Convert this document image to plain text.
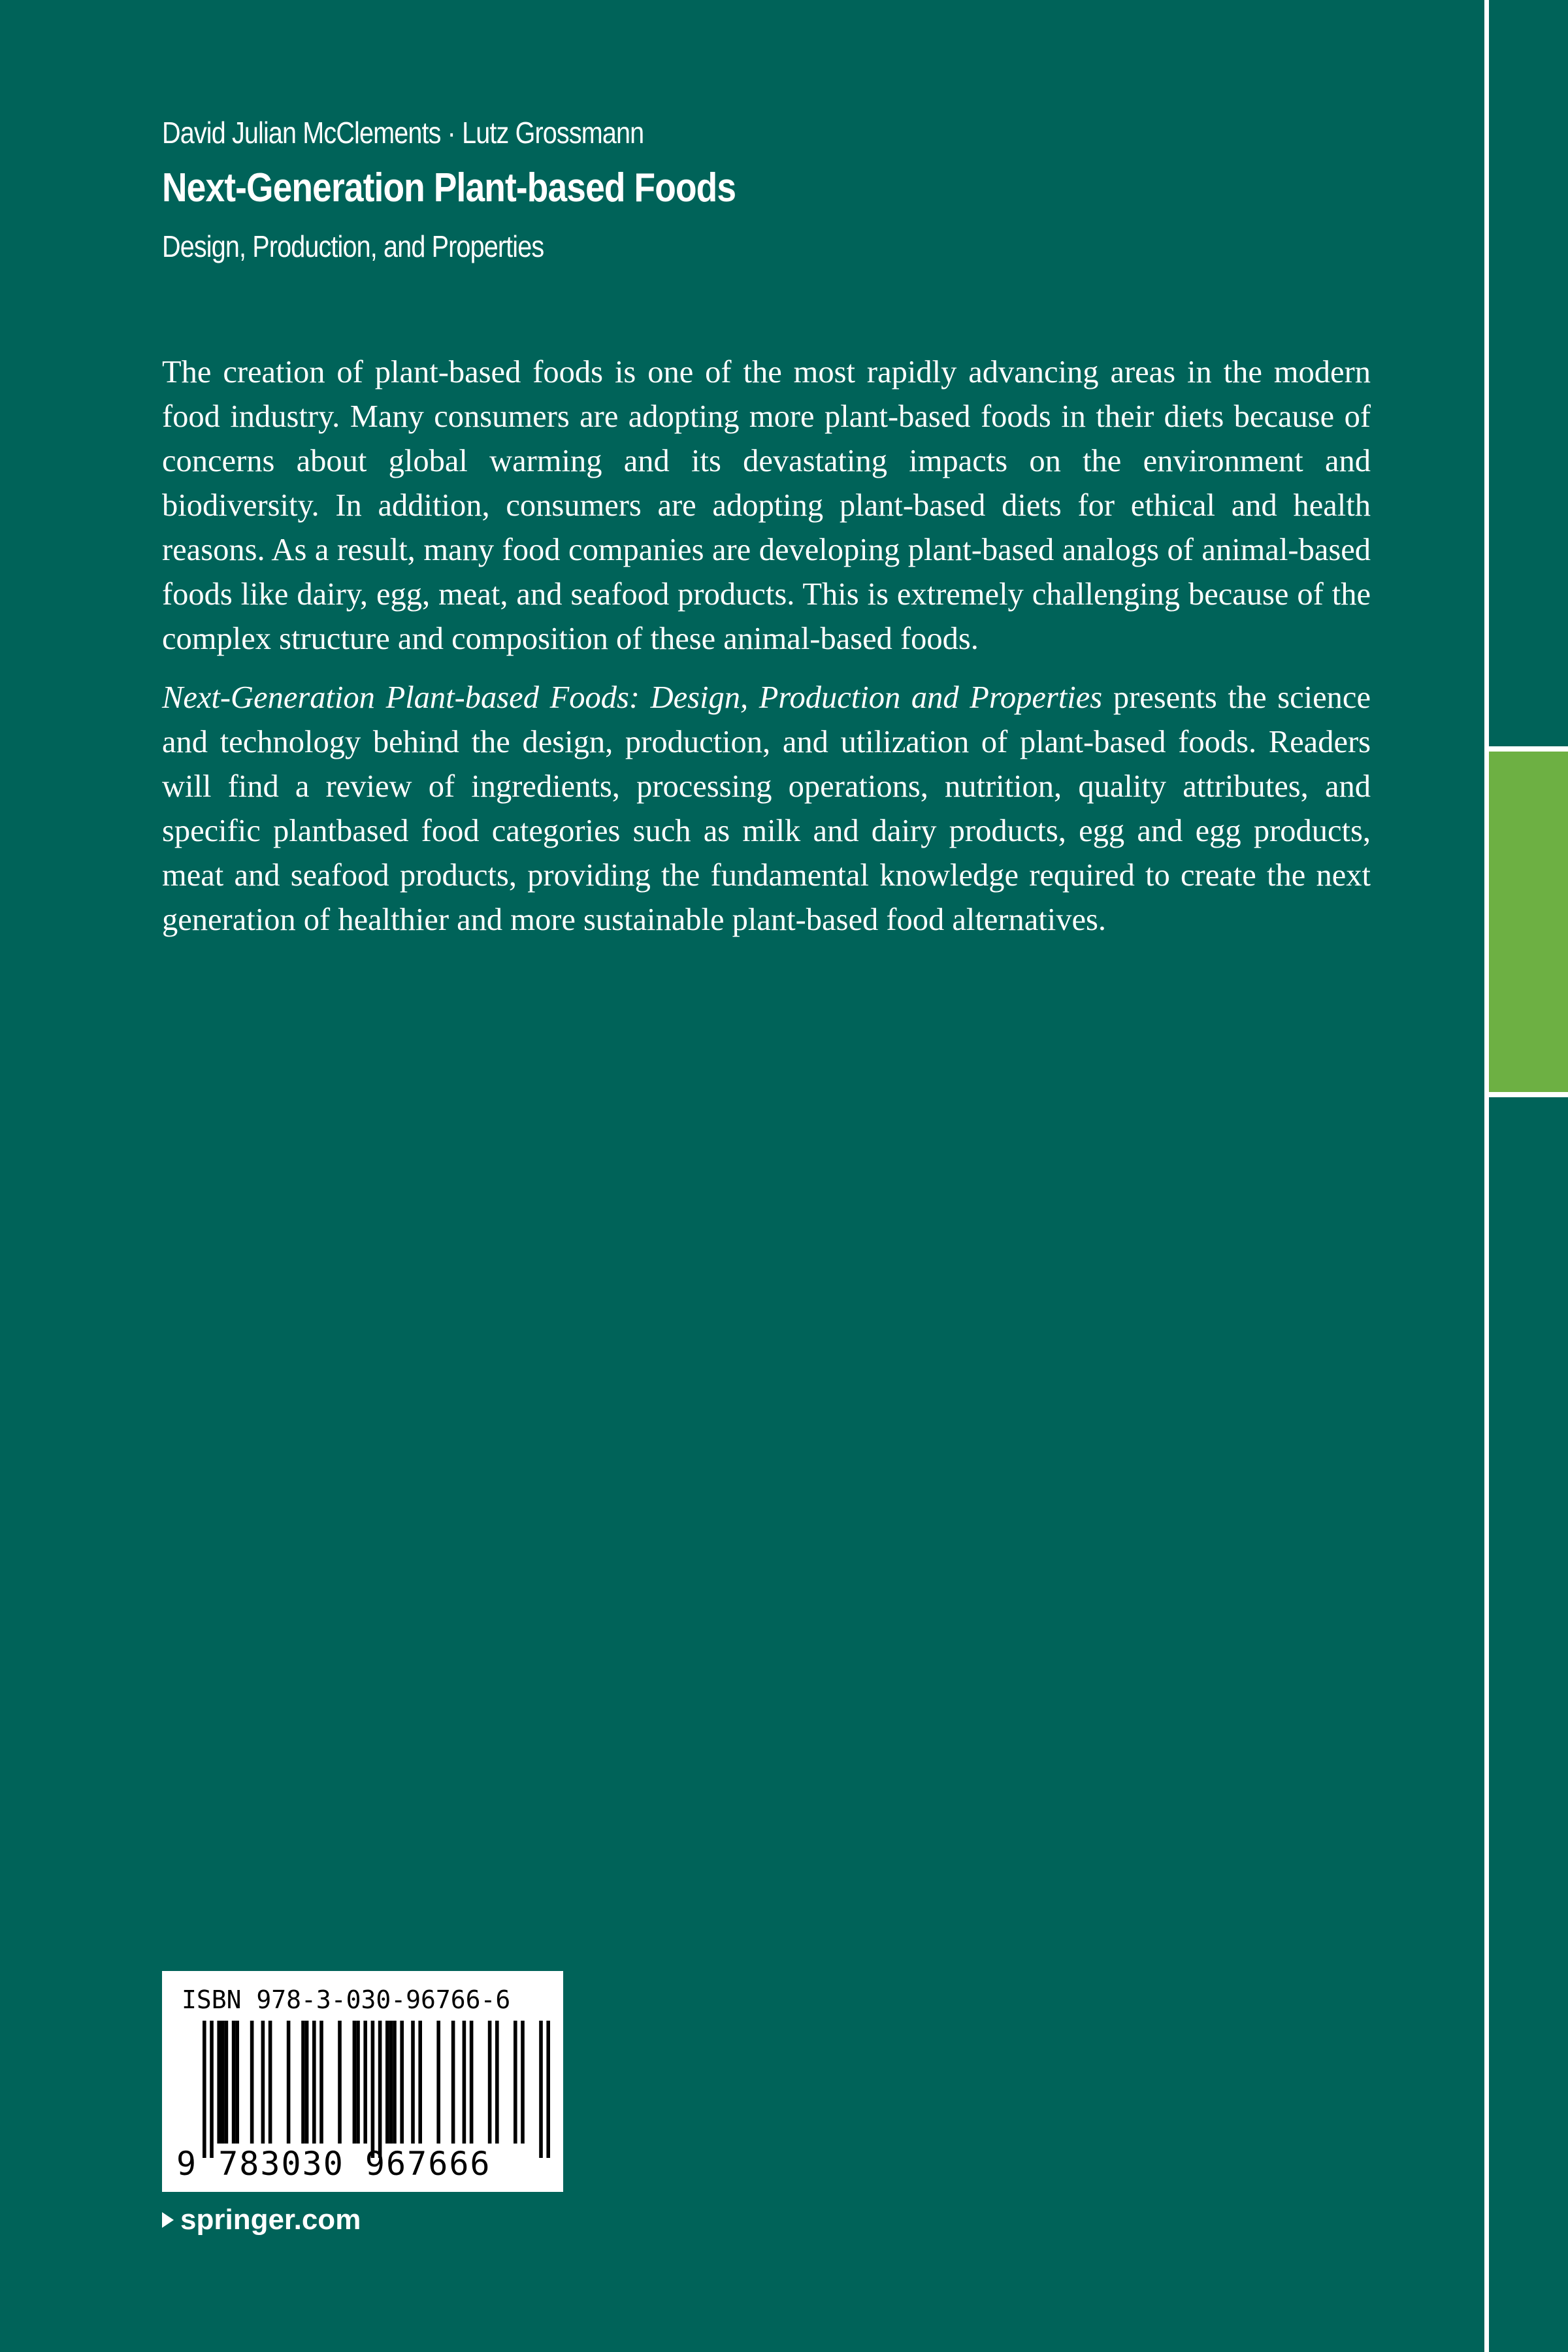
David Julian McClements · Lutz Grossmann
Next-Generation Plant-based Foods
Design, Production, and Properties

The creation of plant-based foods is one of the most rapidly advancing areas in the modern food industry. Many consumers are adopting more plant-based foods in their diets because of concerns about global warming and its devastating impacts on the environment and biodiversity. In addition, consumers are adopting plant-based diets for ethical and health reasons. As a result, many food companies are developing plant-based analogs of animal-based foods like dairy, egg, meat, and seafood products. This is extremely challenging because of the complex structure and composition of these animal-based foods.

Next-Generation Plant-based Foods: Design, Production and Properties presents the science and technology behind the design, production, and utilization of plant-based foods. Readers will find a review of ingredients, processing operations, nutrition, quality attributes, and specific plantbased food categories such as milk and dairy products, egg and egg products, meat and seafood products, providing the fundamental knowledge required to create the next generation of healthier and more sustainable plant-based food alternatives.

ISBN 978-3-030-96766-6
9 783030 967666
springer.com
